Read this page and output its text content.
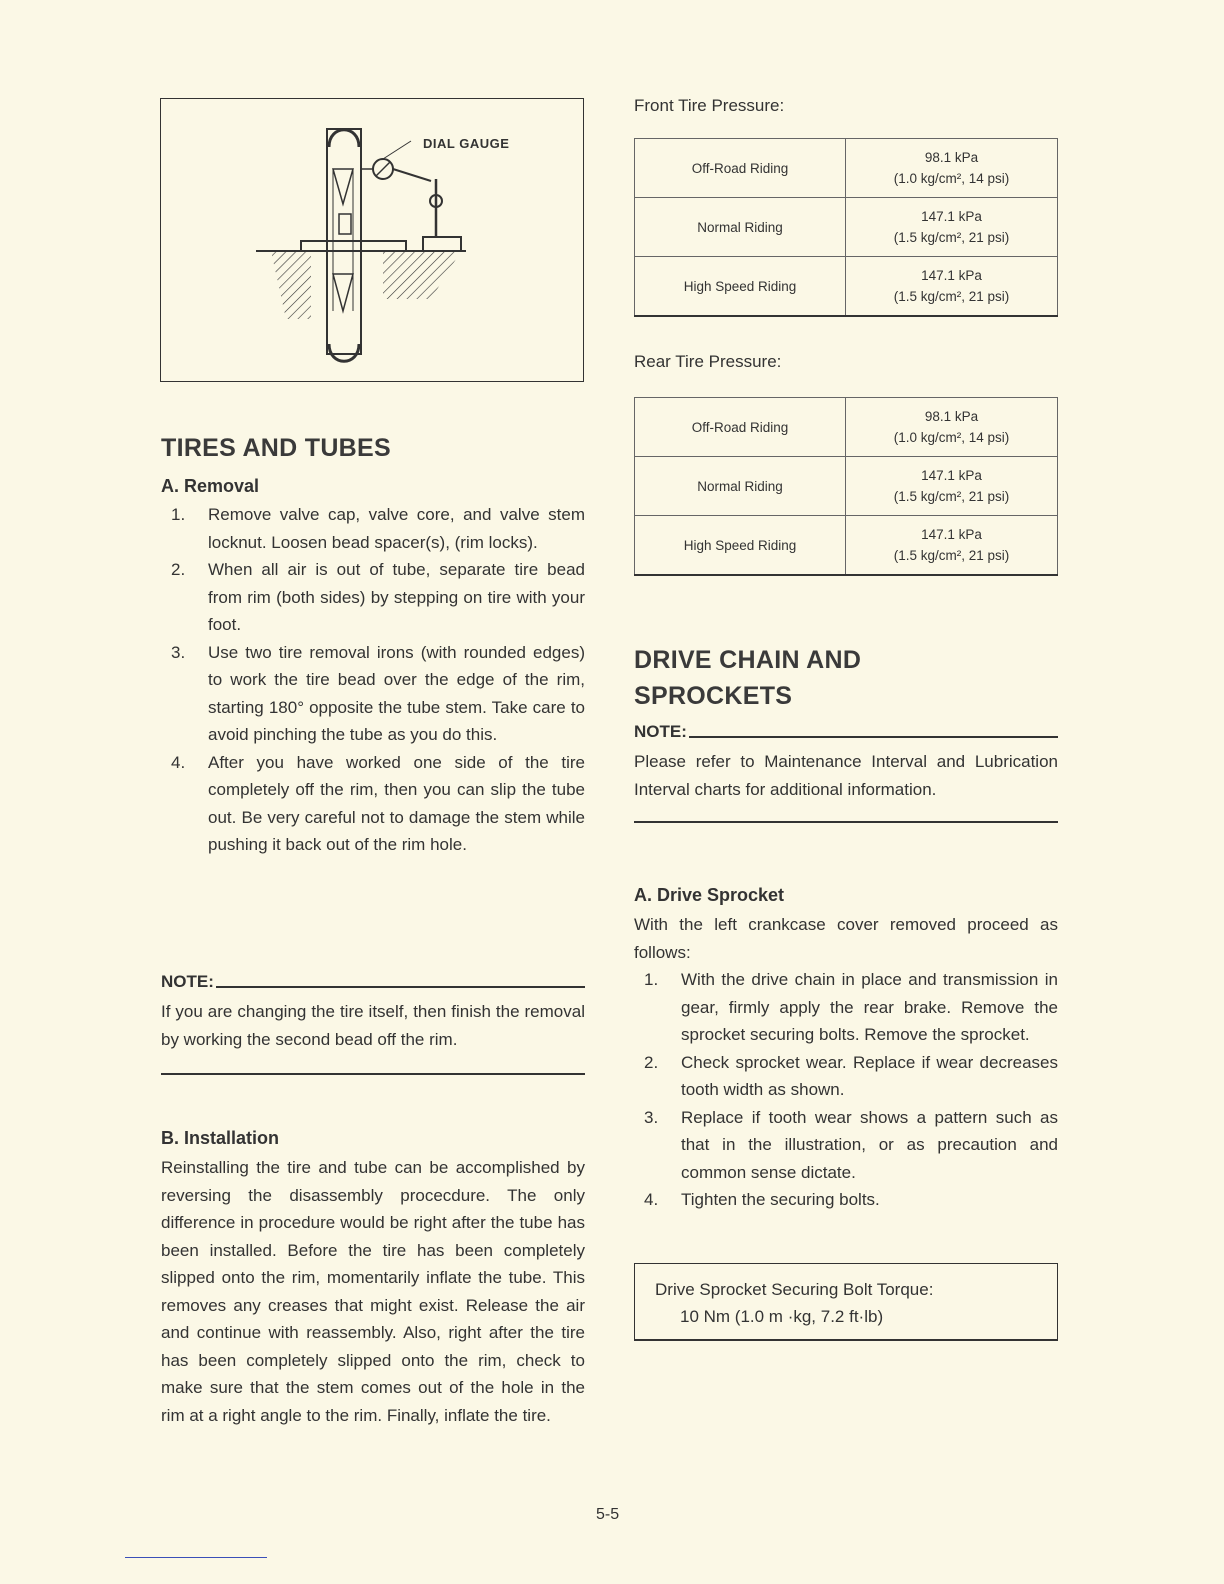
DIAL GAUGE
TIRES AND TUBES
A. Removal
1. Remove valve cap, valve core, and valve stem locknut. Loosen bead spacer(s), (rim locks).
2. When all air is out of tube, separate tire bead from rim (both sides) by stepping on tire with your foot.
3. Use two tire removal irons (with rounded edges) to work the tire bead over the edge of the rim, starting 180° opposite the tube stem. Take care to avoid pinching the tube as you do this.
4. After you have worked one side of the tire completely off the rim, then you can slip the tube out. Be very careful not to damage the stem while pushing it back out of the rim hole.
NOTE:
If you are changing the tire itself, then finish the removal by working the second bead off the rim.
B. Installation
Reinstalling the tire and tube can be accomplished by reversing the disassembly procecdure. The only difference in procedure would be right after the tube has been installed. Before the tire has been completely slipped onto the rim, momentarily inflate the tube. This removes any creases that might exist. Release the air and continue with reassembly. Also, right after the tire has been completely slipped onto the rim, check to make sure that the stem comes out of the hole in the rim at a right angle to the rim. Finally, inflate the tire.
Front Tire Pressure:
Off-Road Riding	98.1 kPa
(1.0 kg/cm², 14 psi)
Normal Riding	147.1 kPa
(1.5 kg/cm², 21 psi)
High Speed Riding	147.1 kPa
(1.5 kg/cm², 21 psi)
Rear Tire Pressure:
Off-Road Riding	98.1 kPa
(1.0 kg/cm², 14 psi)
Normal Riding	147.1 kPa
(1.5 kg/cm², 21 psi)
High Speed Riding	147.1 kPa
(1.5 kg/cm², 21 psi)
DRIVE CHAIN AND
SPROCKETS
NOTE:
Please refer to Maintenance Interval and Lubrication Interval charts for additional information.
A. Drive Sprocket
With the left crankcase cover removed proceed as follows:
1. With the drive chain in place and transmission in gear, firmly apply the rear brake. Remove the sprocket securing bolts. Remove the sprocket.
2. Check sprocket wear. Replace if wear decreases tooth width as shown.
3. Replace if tooth wear shows a pattern such as that in the illustration, or as precaution and common sense dictate.
4. Tighten the securing bolts.
Drive Sprocket Securing Bolt Torque:
10 Nm (1.0 m ·kg, 7.2 ft·lb)
5-5
